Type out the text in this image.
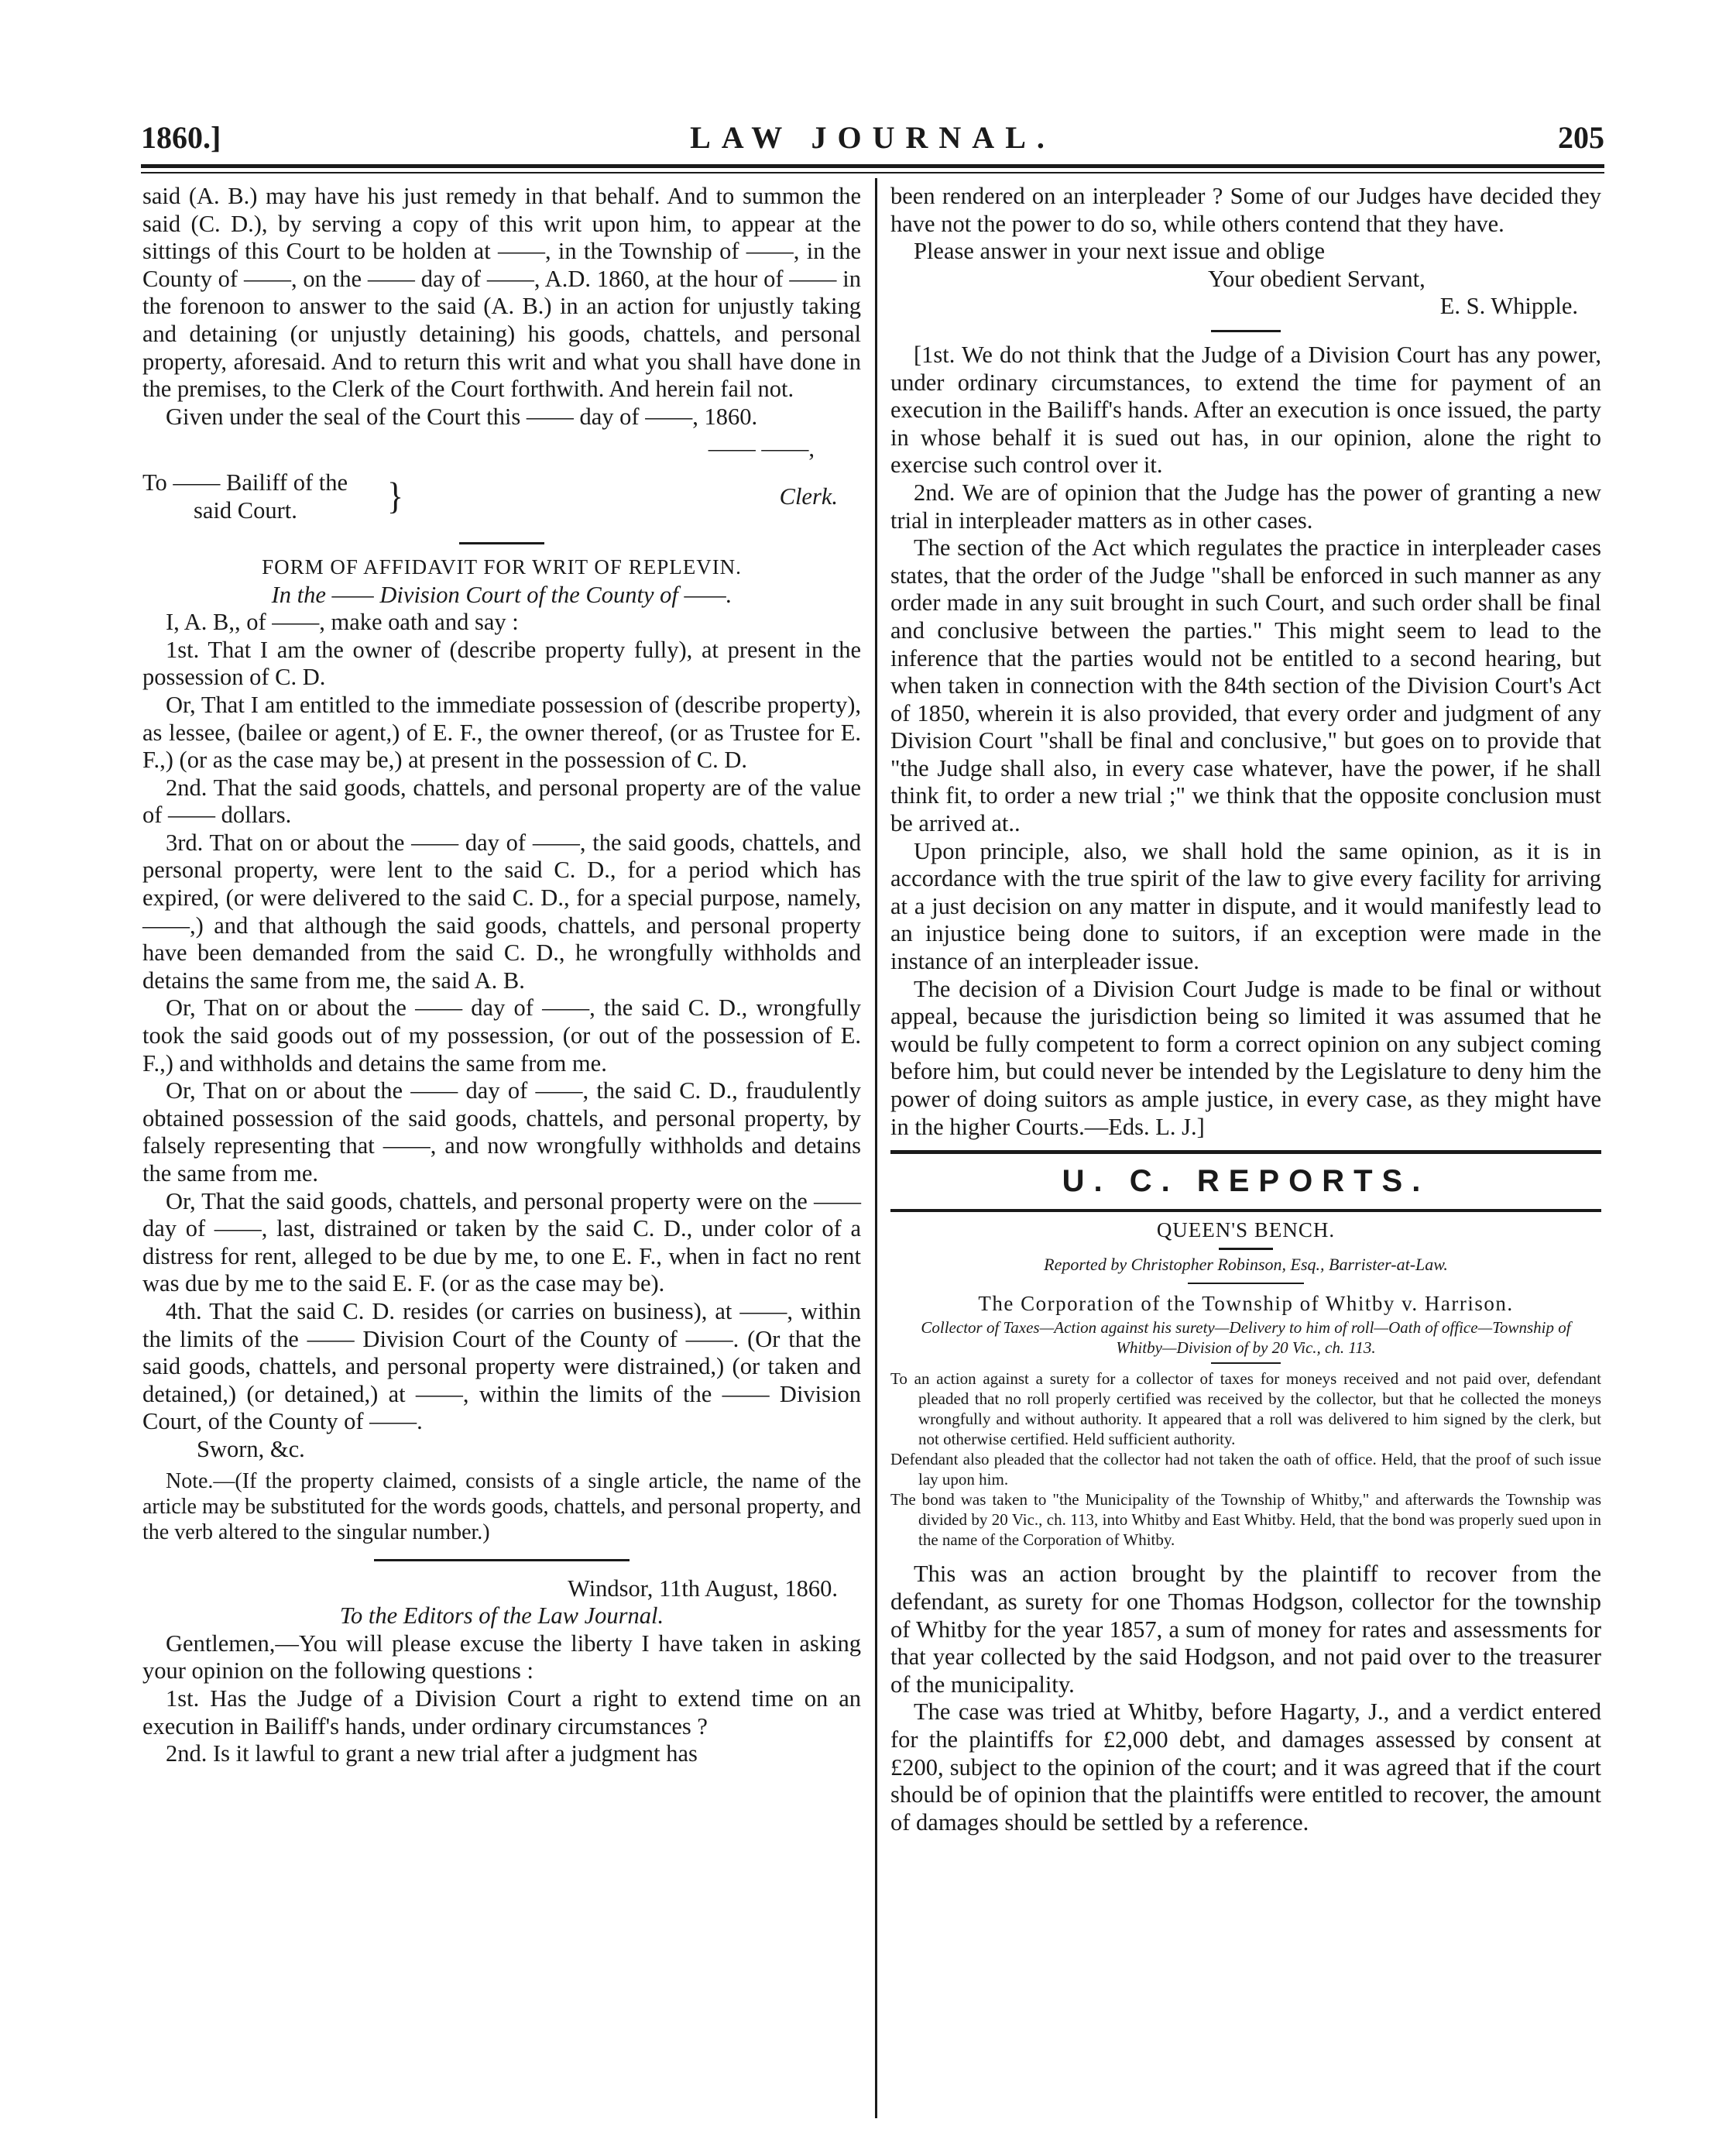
1860.]	LAW JOURNAL.	205

said (A. B.) may have his just remedy in that behalf. And to summon the said (C. D.), by serving a copy of this writ upon him, to appear at the sittings of this Court to be holden at ——, in the Township of ——, in the County of ——, on the —— day of ——, A.D. 1860, at the hour of —— in the forenoon to answer to the said (A. B.) in an action for unjustly taking and detaining (or unjustly detaining) his goods, chattels, and personal property, aforesaid. And to return this writ and what you shall have done in the premises, to the Clerk of the Court forthwith. And herein fail not.

Given under the seal of the Court this —— day of ——, 1860.

—— ——,

To —— Bailiff of the
said Court.	}	Clerk.

FORM OF AFFIDAVIT FOR WRIT OF REPLEVIN.

In the —— Division Court of the County of ——.

I, A. B,, of ——, make oath and say :

1st. That I am the owner of (describe property fully), at present in the possession of C. D.

Or, That I am entitled to the immediate possession of (describe property), as lessee, (bailee or agent,) of E. F., the owner thereof, (or as Trustee for E. F.,) (or as the case may be,) at present in the possession of C. D.

2nd. That the said goods, chattels, and personal property are of the value of —— dollars.

3rd. That on or about the —— day of ——, the said goods, chattels, and personal property, were lent to the said C. D., for a period which has expired, (or were delivered to the said C. D., for a special purpose, namely, ——,) and that although the said goods, chattels, and personal property have been demanded from the said C. D., he wrongfully withholds and detains the same from me, the said A. B.

Or, That on or about the —— day of ——, the said C. D., wrongfully took the said goods out of my possession, (or out of the possession of E. F.,) and withholds and detains the same from me.

Or, That on or about the —— day of ——, the said C. D., fraudulently obtained possession of the said goods, chattels, and personal property, by falsely representing that ——, and now wrongfully withholds and detains the same from me.

Or, That the said goods, chattels, and personal property were on the —— day of ——, last, distrained or taken by the said C. D., under color of a distress for rent, alleged to be due by me, to one E. F., when in fact no rent was due by me to the said E. F. (or as the case may be).

4th. That the said C. D. resides (or carries on business), at ——, within the limits of the —— Division Court of the County of ——. (Or that the said goods, chattels, and personal property were distrained,) (or taken and detained,) (or detained,) at ——, within the limits of the —— Division Court, of the County of ——.

Sworn, &c.

Note.—(If the property claimed, consists of a single article, the name of the article may be substituted for the words goods, chattels, and personal property, and the verb altered to the singular number.)

Windsor, 11th August, 1860.

To the Editors of the Law Journal.

Gentlemen,—You will please excuse the liberty I have taken in asking your opinion on the following questions :

1st. Has the Judge of a Division Court a right to extend time on an execution in Bailiff's hands, under ordinary circumstances ?

2nd. Is it lawful to grant a new trial after a judgment has

been rendered on an interpleader ? Some of our Judges have decided they have not the power to do so, while others contend that they have.

Please answer in your next issue and oblige

Your obedient Servant,

E. S. Whipple.

[1st. We do not think that the Judge of a Division Court has any power, under ordinary circumstances, to extend the time for payment of an execution in the Bailiff's hands. After an execution is once issued, the party in whose behalf it is sued out has, in our opinion, alone the right to exercise such control over it.

2nd. We are of opinion that the Judge has the power of granting a new trial in interpleader matters as in other cases.

The section of the Act which regulates the practice in interpleader cases states, that the order of the Judge "shall be enforced in such manner as any order made in any suit brought in such Court, and such order shall be final and conclusive between the parties." This might seem to lead to the inference that the parties would not be entitled to a second hearing, but when taken in connection with the 84th section of the Division Court's Act of 1850, wherein it is also provided, that every order and judgment of any Division Court "shall be final and conclusive," but goes on to provide that "the Judge shall also, in every case whatever, have the power, if he shall think fit, to order a new trial ;" we think that the opposite conclusion must be arrived at..

Upon principle, also, we shall hold the same opinion, as it is in accordance with the true spirit of the law to give every facility for arriving at a just decision on any matter in dispute, and it would manifestly lead to an injustice being done to suitors, if an exception were made in the instance of an interpleader issue.

The decision of a Division Court Judge is made to be final or without appeal, because the jurisdiction being so limited it was assumed that he would be fully competent to form a correct opinion on any subject coming before him, but could never be intended by the Legislature to deny him the power of doing suitors as ample justice, in every case, as they might have in the higher Courts.—Eds. L. J.]

U. C. REPORTS.

QUEEN'S BENCH.

Reported by Christopher Robinson, Esq., Barrister-at-Law.

The Corporation of the Township of Whitby v. Harrison.

Collector of Taxes—Action against his surety—Delivery to him of roll—Oath of office—Township of Whitby—Division of by 20 Vic., ch. 113.

To an action against a surety for a collector of taxes for moneys received and not paid over, defendant pleaded that no roll properly certified was received by the collector, but that he collected the moneys wrongfully and without authority. It appeared that a roll was delivered to him signed by the clerk, but not otherwise certified. Held sufficient authority.

Defendant also pleaded that the collector had not taken the oath of office. Held, that the proof of such issue lay upon him.

The bond was taken to "the Municipality of the Township of Whitby," and afterwards the Township was divided by 20 Vic., ch. 113, into Whitby and East Whitby. Held, that the bond was properly sued upon in the name of the Corporation of Whitby.

This was an action brought by the plaintiff to recover from the defendant, as surety for one Thomas Hodgson, collector for the township of Whitby for the year 1857, a sum of money for rates and assessments for that year collected by the said Hodgson, and not paid over to the treasurer of the municipality.

The case was tried at Whitby, before Hagarty, J., and a verdict entered for the plaintiffs for £2,000 debt, and damages assessed by consent at £200, subject to the opinion of the court; and it was agreed that if the court should be of opinion that the plaintiffs were entitled to recover, the amount of damages should be settled by a reference.
